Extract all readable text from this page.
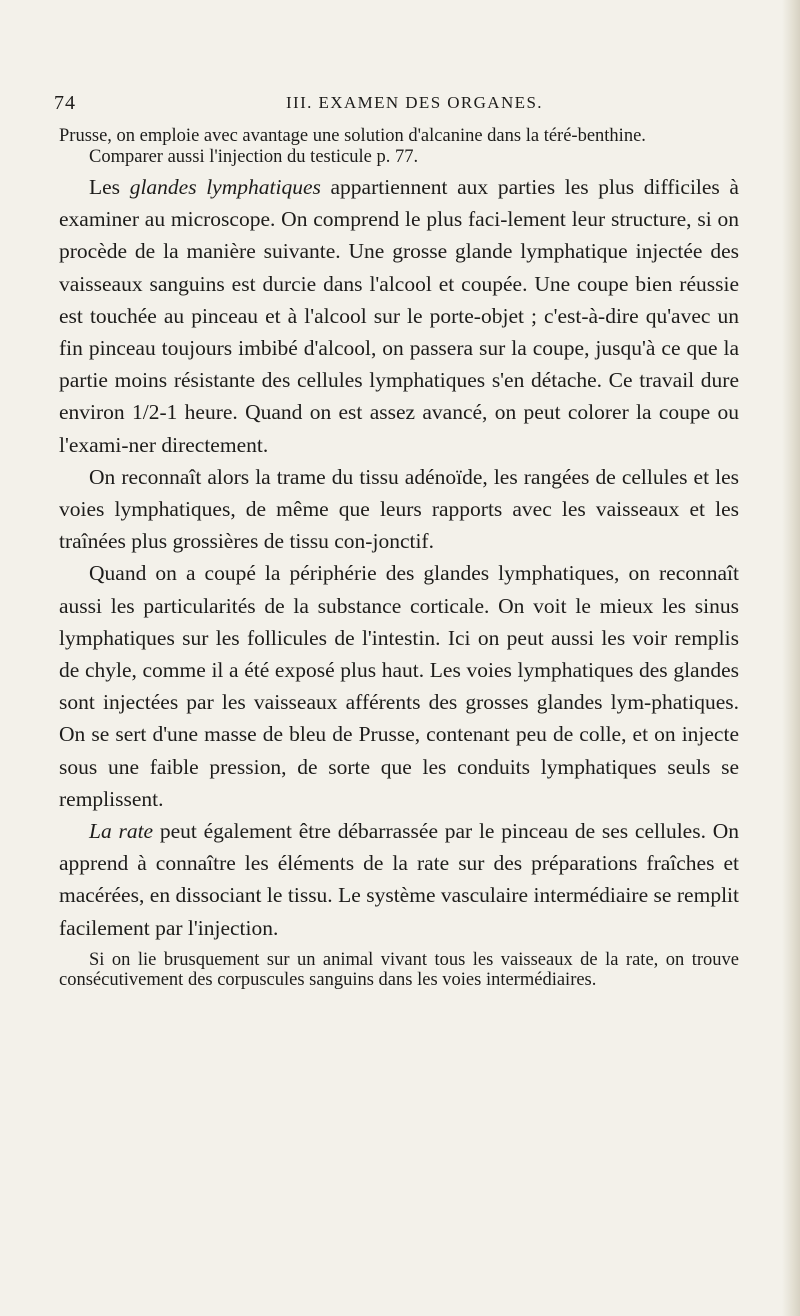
74	III. EXAMEN DES ORGANES.

Prusse, on emploie avec avantage une solution d'alcanine dans la téré-benthine.

Comparer aussi l'injection du testicule p. 77.

Les glandes lymphatiques appartiennent aux parties les plus difficiles à examiner au microscope. On comprend le plus faci-lement leur structure, si on procède de la manière suivante. Une grosse glande lymphatique injectée des vaisseaux sanguins est durcie dans l'alcool et coupée. Une coupe bien réussie est touchée au pinceau et à l'alcool sur le porte-objet ; c'est-à-dire qu'avec un fin pinceau toujours imbibé d'alcool, on passera sur la coupe, jusqu'à ce que la partie moins résistante des cellules lymphatiques s'en détache. Ce travail dure environ 1/2-1 heure. Quand on est assez avancé, on peut colorer la coupe ou l'exami-ner directement.

On reconnaît alors la trame du tissu adénoïde, les rangées de cellules et les voies lymphatiques, de même que leurs rapports avec les vaisseaux et les traînées plus grossières de tissu con-jonctif.

Quand on a coupé la périphérie des glandes lymphatiques, on reconnaît aussi les particularités de la substance corticale. On voit le mieux les sinus lymphatiques sur les follicules de l'intestin. Ici on peut aussi les voir remplis de chyle, comme il a été exposé plus haut. Les voies lymphatiques des glandes sont injectées par les vaisseaux afférents des grosses glandes lym-phatiques. On se sert d'une masse de bleu de Prusse, contenant peu de colle, et on injecte sous une faible pression, de sorte que les conduits lymphatiques seuls se remplissent.

La rate peut également être débarrassée par le pinceau de ses cellules. On apprend à connaître les éléments de la rate sur des préparations fraîches et macérées, en dissociant le tissu. Le système vasculaire intermédiaire se remplit facilement par l'injection.

Si on lie brusquement sur un animal vivant tous les vaisseaux de la rate, on trouve consécutivement des corpuscules sanguins dans les voies intermédiaires.
